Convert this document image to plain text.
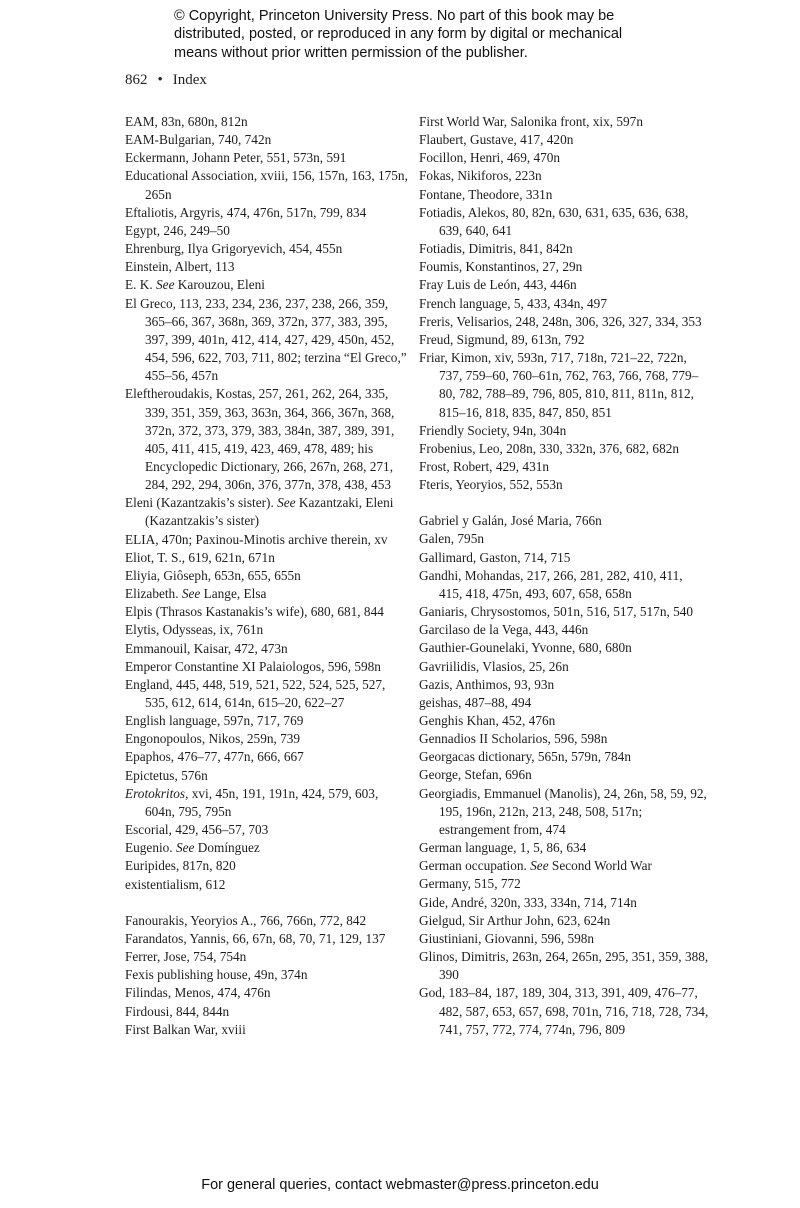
© Copyright, Princeton University Press. No part of this book may be
distributed, posted, or reproduced in any form by digital or mechanical
means without prior written permission of the publisher.
862 • Index
EAM, 83n, 680n, 812n
EAM-Bulgarian, 740, 742n
Eckermann, Johann Peter, 551, 573n, 591
Educational Association, xviii, 156, 157n, 163, 175n, 265n
Eftaliotis, Argyris, 474, 476n, 517n, 799, 834
Egypt, 246, 249–50
Ehrenburg, Ilya Grigoryevich, 454, 455n
Einstein, Albert, 113
E. K. See Karouzou, Eleni
El Greco, 113, 233, 234, 236, 237, 238, 266, 359, 365–66, 367, 368n, 369, 372n, 377, 383, 395, 397, 399, 401n, 412, 414, 427, 429, 450n, 452, 454, 596, 622, 703, 711, 802; terzina “El Greco,” 455–56, 457n
Eleftheroudakis, Kostas, 257, 261, 262, 264, 335, 339, 351, 359, 363, 363n, 364, 366, 367n, 368, 372n, 372, 373, 379, 383, 384n, 387, 389, 391, 405, 411, 415, 419, 423, 469, 478, 489; his Encyclopedic Dictionary, 266, 267n, 268, 271, 284, 292, 294, 306n, 376, 377n, 378, 438, 453
Eleni (Kazantzakis’s sister). See Kazantzaki, Eleni (Kazantzakis’s sister)
ELIA, 470n; Paxinou-Minotis archive therein, xv
Eliot, T. S., 619, 621n, 671n
Eliyia, Giôseph, 653n, 655, 655n
Elizabeth. See Lange, Elsa
Elpis (Thrasos Kastanakis’s wife), 680, 681, 844
Elytis, Odysseas, ix, 761n
Emmanouil, Kaisar, 472, 473n
Emperor Constantine XI Palaiologos, 596, 598n
England, 445, 448, 519, 521, 522, 524, 525, 527, 535, 612, 614, 614n, 615–20, 622–27
English language, 597n, 717, 769
Engonopoulos, Nikos, 259n, 739
Epaphos, 476–77, 477n, 666, 667
Epictetus, 576n
Erotokritos, xvi, 45n, 191, 191n, 424, 579, 603, 604n, 795, 795n
Escorial, 429, 456–57, 703
Eugenio. See Domínguez
Euripides, 817n, 820
existentialism, 612
Fanourakis, Yeoryios A., 766, 766n, 772, 842
Farandatos, Yannis, 66, 67n, 68, 70, 71, 129, 137
Ferrer, Jose, 754, 754n
Fexis publishing house, 49n, 374n
Filindas, Menos, 474, 476n
Firdousi, 844, 844n
First Balkan War, xviii
First World War, Salonika front, xix, 597n
Flaubert, Gustave, 417, 420n
Focillon, Henri, 469, 470n
Fokas, Nikiforos, 223n
Fontane, Theodore, 331n
Fotiadis, Alekos, 80, 82n, 630, 631, 635, 636, 638, 639, 640, 641
Fotiadis, Dimitris, 841, 842n
Foumis, Konstantinos, 27, 29n
Fray Luis de León, 443, 446n
French language, 5, 433, 434n, 497
Freris, Velisarios, 248, 248n, 306, 326, 327, 334, 353
Freud, Sigmund, 89, 613n, 792
Friar, Kimon, xiv, 593n, 717, 718n, 721–22, 722n, 737, 759–60, 760–61n, 762, 763, 766, 768, 779–80, 782, 788–89, 796, 805, 810, 811, 811n, 812, 815–16, 818, 835, 847, 850, 851
Friendly Society, 94n, 304n
Frobenius, Leo, 208n, 330, 332n, 376, 682, 682n
Frost, Robert, 429, 431n
Fteris, Yeoryios, 552, 553n
Gabriel y Galán, José Maria, 766n
Galen, 795n
Gallimard, Gaston, 714, 715
Gandhi, Mohandas, 217, 266, 281, 282, 410, 411, 415, 418, 475n, 493, 607, 658, 658n
Ganiaris, Chrysostomos, 501n, 516, 517, 517n, 540
Garcilaso de la Vega, 443, 446n
Gauthier-Gounelaki, Yvonne, 680, 680n
Gavriilidis, Vlasios, 25, 26n
Gazis, Anthimos, 93, 93n
geishas, 487–88, 494
Genghis Khan, 452, 476n
Gennadios II Scholarios, 596, 598n
Georgacas dictionary, 565n, 579n, 784n
George, Stefan, 696n
Georgiadis, Emmanuel (Manolis), 24, 26n, 58, 59, 92, 195, 196n, 212n, 213, 248, 508, 517n; estrangement from, 474
German language, 1, 5, 86, 634
German occupation. See Second World War
Germany, 515, 772
Gide, André, 320n, 333, 334n, 714, 714n
Gielgud, Sir Arthur John, 623, 624n
Giustiniani, Giovanni, 596, 598n
Glinos, Dimitris, 263n, 264, 265n, 295, 351, 359, 388, 390
God, 183–84, 187, 189, 304, 313, 391, 409, 476–77, 482, 587, 653, 657, 698, 701n, 716, 718, 728, 734, 741, 757, 772, 774, 774n, 796, 809
For general queries, contact webmaster@press.princeton.edu
